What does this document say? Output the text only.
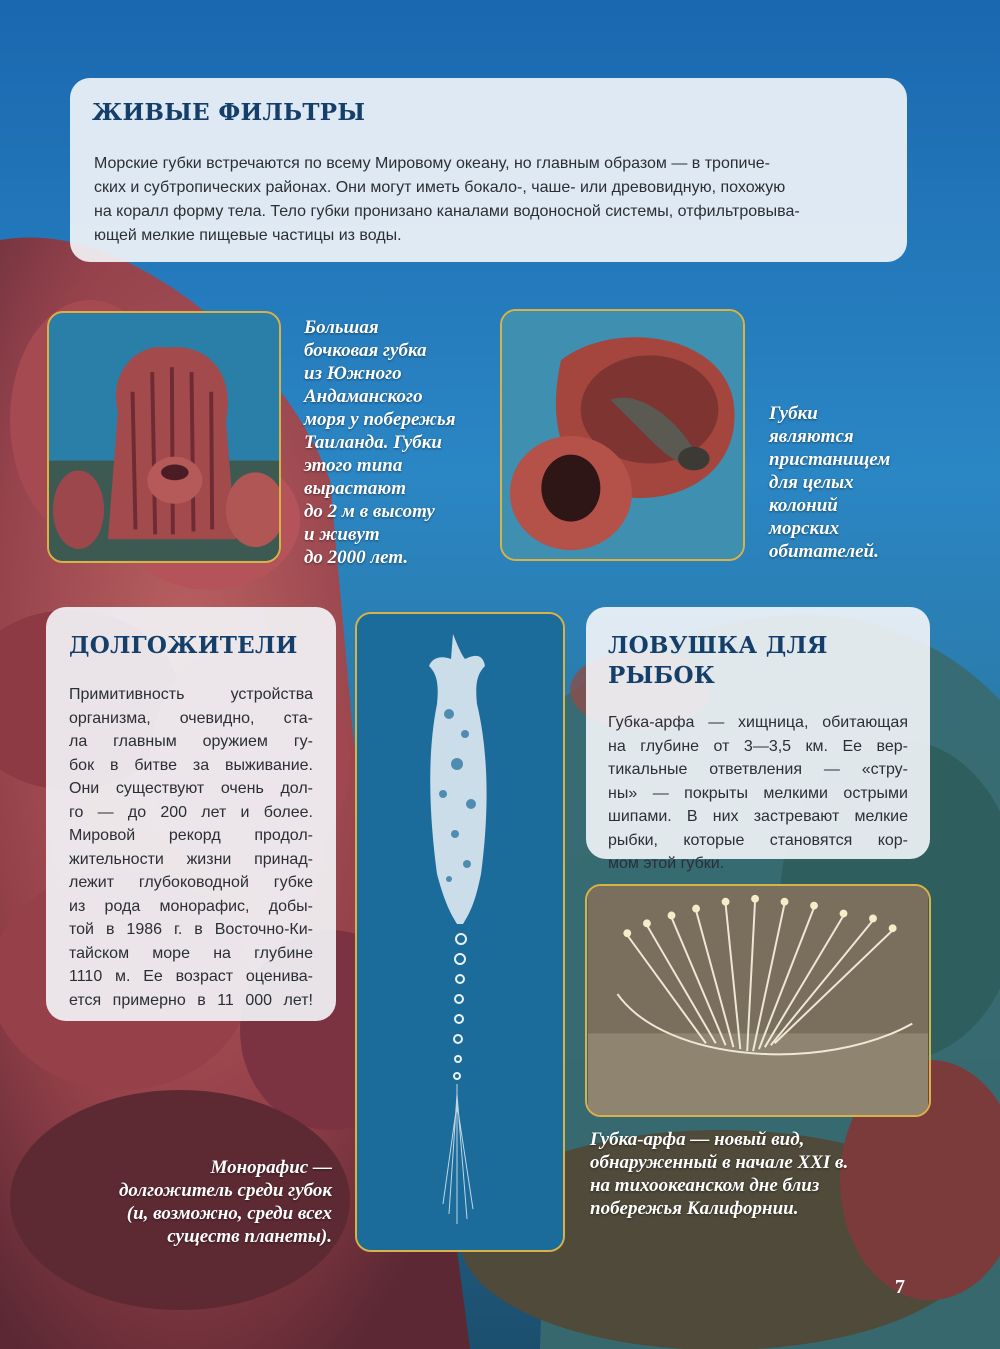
ЖИВЫЕ ФИЛЬТРЫ

Морские губки встречаются по всему Мировому океану, но главным образом — в тропиче-

ских и субтропических районах. Они могут иметь бокало-, чаше- или древовидную, похожую

на коралл форму тела. Тело губки пронизано каналами водоносной системы, отфильтровыва-

ющей мелкие пищевые частицы из воды.

Большая
бочковая губка
из Южного
Андаманского
моря у побережья
Таиланда. Губки
этого типа
вырастают
до 2 м в высоту
и живут
до 2000 лет.
Губки
являются
пристанищем
для целых
колоний
морских
обитателей.
ДОЛГОЖИТЕЛИ

Примитивность устройства

организма, очевидно, ста-

ла главным оружием гу-

бок в битве за выживание.

Они существуют очень дол-

го — до 200 лет и более.

Мировой рекорд продол-

жительности жизни принад-

лежит глубоководной губке

из рода монорафис, добы-

той в 1986 г. в Восточно-Ки-

тайском море на глубине

1110 м. Ее возраст оценива-

ется примерно в 11 000 лет!

Монорафис —
долгожитель среди губок
(и, возможно, среди всех
существ планеты).
ЛОВУШКА ДЛЯ РЫБОК

Губка-арфа — хищница, обитающая

на глубине от 3—3,5 км. Ее вер-

тикальные ответвления — «стру-

ны» — покрыты мелкими острыми

шипами. В них застревают мелкие

рыбки, которые становятся кор-

мом этой губки.

Губка-арфа — новый вид,
обнаруженный в начале XXI в.
на тихоокеанском дне близ
побережья Калифорнии.
7
